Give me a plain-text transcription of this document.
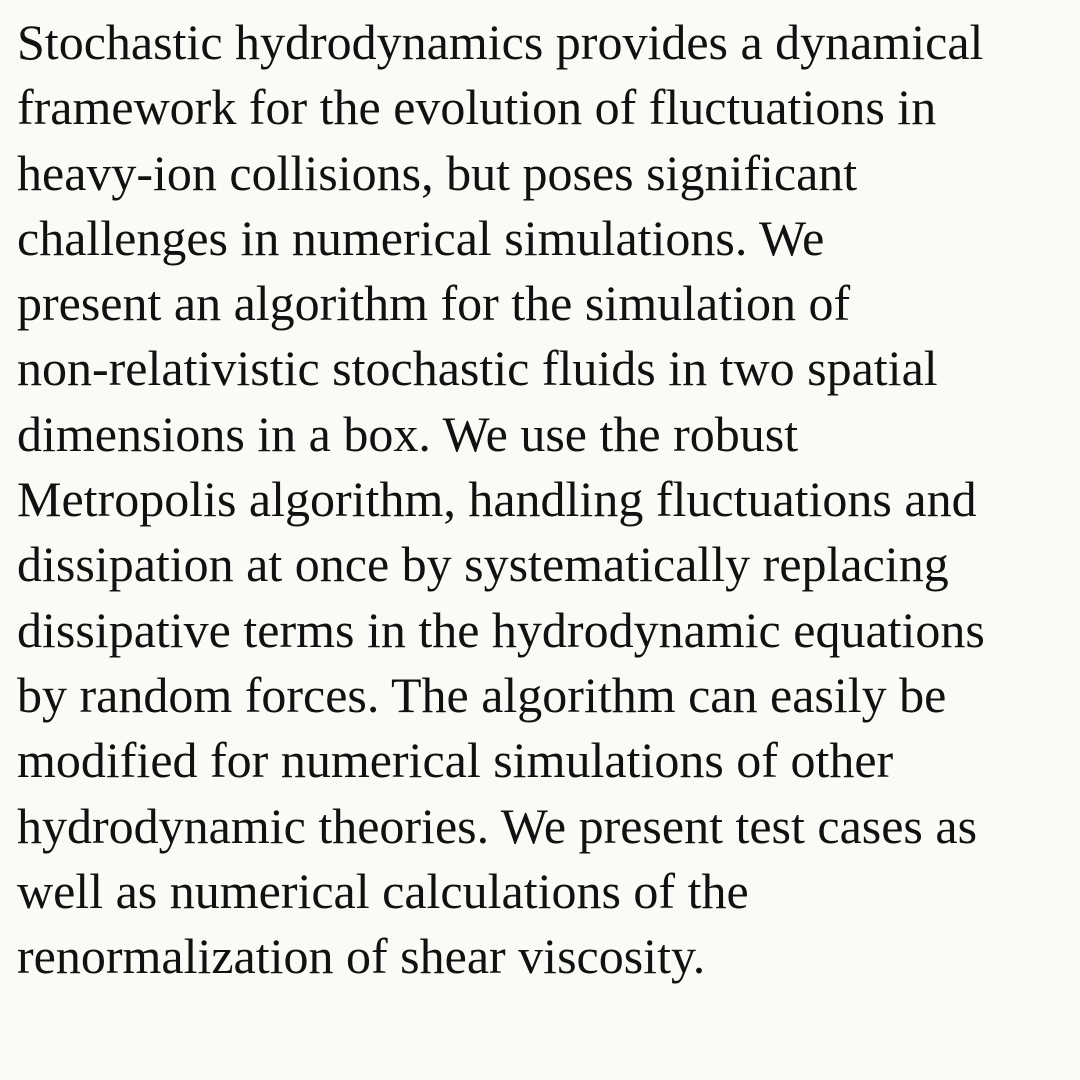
Stochastic hydrodynamics provides a dynamical
framework for the evolution of fluctuations in
heavy-ion collisions, but poses significant
challenges in numerical simulations. We
present an algorithm for the simulation of
non-relativistic stochastic fluids in two spatial
dimensions in a box. We use the robust
Metropolis algorithm, handling fluctuations and
dissipation at once by systematically replacing
dissipative terms in the hydrodynamic equations
by random forces. The algorithm can easily be
modified for numerical simulations of other
hydrodynamic theories. We present test cases as
well as numerical calculations of the
renormalization of shear viscosity.
